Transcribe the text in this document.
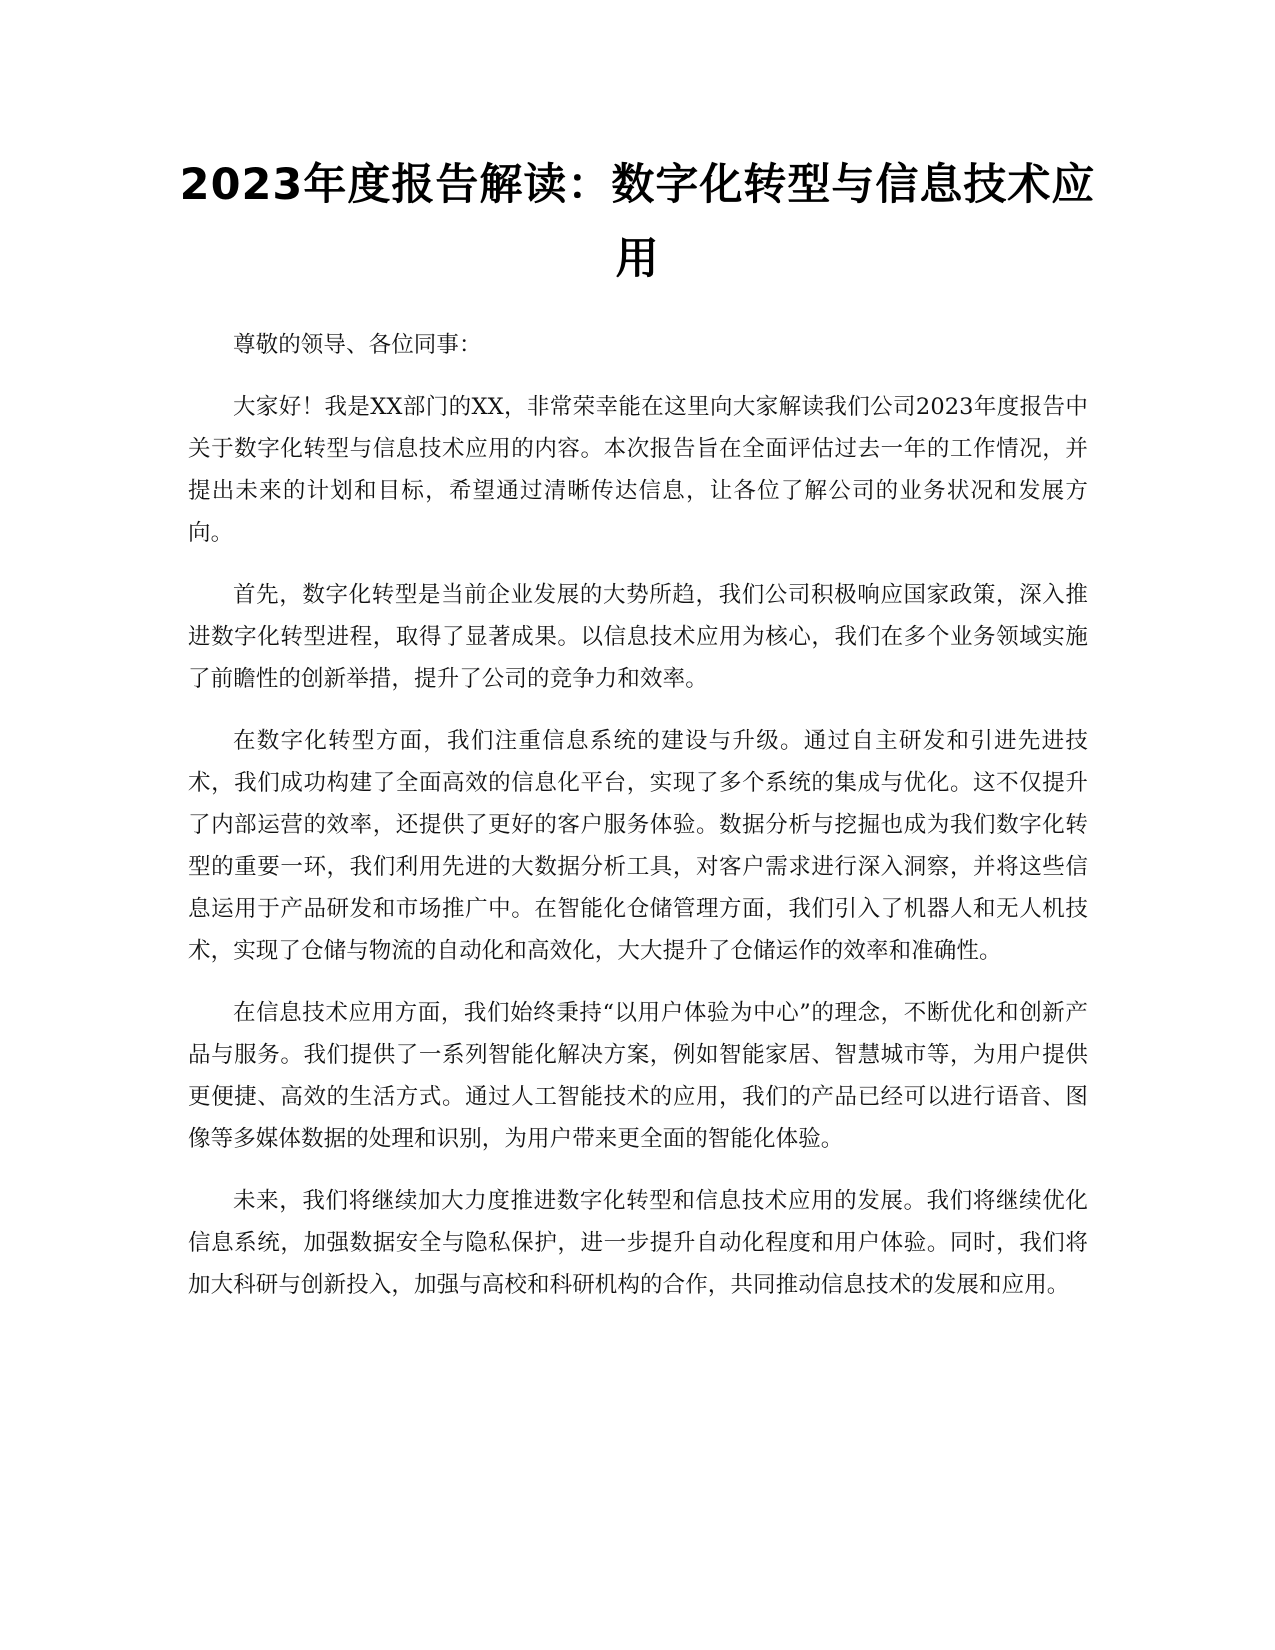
2023年度报告解读：数字化转型与信息技术应用

尊敬的领导、各位同事：

大家好！我是XX部门的XX，非常荣幸能在这里向大家解读我们公司2023年度报告中关于数字化转型与信息技术应用的内容。本次报告旨在全面评估过去一年的工作情况，并提出未来的计划和目标，希望通过清晰传达信息，让各位了解公司的业务状况和发展方向。

首先，数字化转型是当前企业发展的大势所趋，我们公司积极响应国家政策，深入推进数字化转型进程，取得了显著成果。以信息技术应用为核心，我们在多个业务领域实施了前瞻性的创新举措，提升了公司的竞争力和效率。

在数字化转型方面，我们注重信息系统的建设与升级。通过自主研发和引进先进技术，我们成功构建了全面高效的信息化平台，实现了多个系统的集成与优化。这不仅提升了内部运营的效率，还提供了更好的客户服务体验。数据分析与挖掘也成为我们数字化转型的重要一环，我们利用先进的大数据分析工具，对客户需求进行深入洞察，并将这些信息运用于产品研发和市场推广中。在智能化仓储管理方面，我们引入了机器人和无人机技术，实现了仓储与物流的自动化和高效化，大大提升了仓储运作的效率和准确性。

在信息技术应用方面，我们始终秉持“以用户体验为中心”的理念，不断优化和创新产品与服务。我们提供了一系列智能化解决方案，例如智能家居、智慧城市等，为用户提供更便捷、高效的生活方式。通过人工智能技术的应用，我们的产品已经可以进行语音、图像等多媒体数据的处理和识别，为用户带来更全面的智能化体验。

未来，我们将继续加大力度推进数字化转型和信息技术应用的发展。我们将继续优化信息系统，加强数据安全与隐私保护，进一步提升自动化程度和用户体验。同时，我们将加大科研与创新投入，加强与高校和科研机构的合作，共同推动信息技术的发展和应用。
